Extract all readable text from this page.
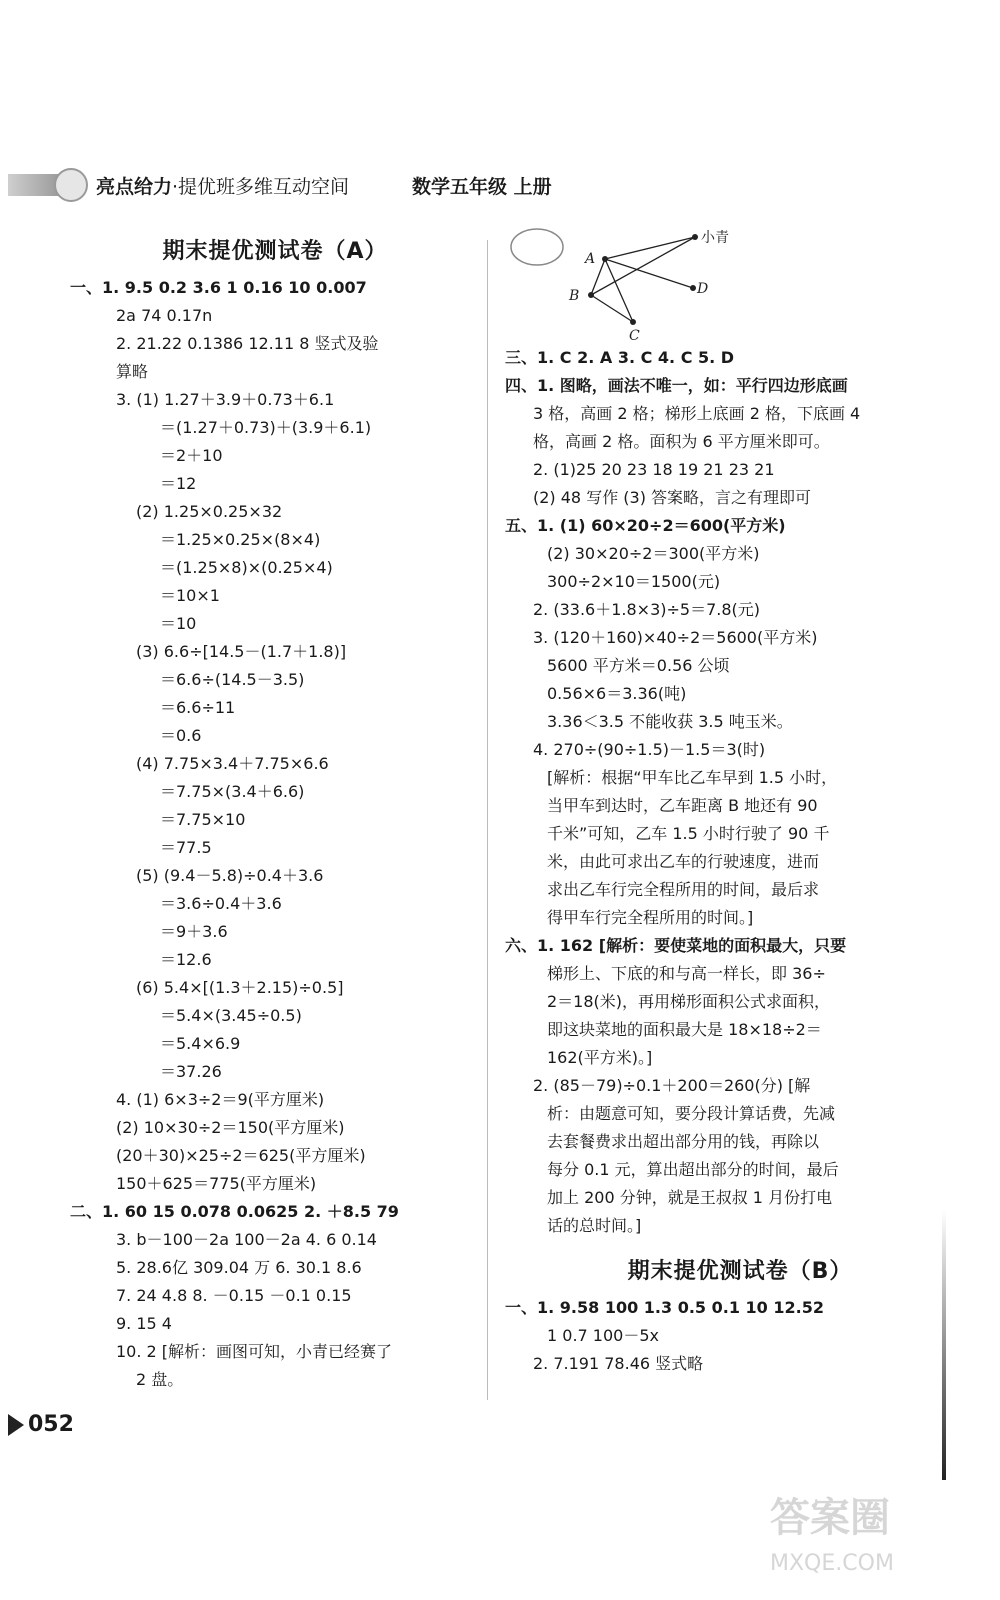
亮点给力·提优班多维互动空间	数学五年级 上册
期末提优测试卷（A）
一、1. 9.5 0.2 3.6 1 0.16 10 0.007
2a 74 0.17n
2. 21.22 0.1386 12.11 8 竖式及验
算略
3. (1) 1.27＋3.9＋0.73＋6.1
＝(1.27＋0.73)＋(3.9＋6.1)
＝2＋10
＝12
(2) 1.25×0.25×32
＝1.25×0.25×(8×4)
＝(1.25×8)×(0.25×4)
＝10×1
＝10
(3) 6.6÷[14.5－(1.7＋1.8)]
＝6.6÷(14.5－3.5)
＝6.6÷11
＝0.6
(4) 7.75×3.4＋7.75×6.6
＝7.75×(3.4＋6.6)
＝7.75×10
＝77.5
(5) (9.4－5.8)÷0.4＋3.6
＝3.6÷0.4＋3.6
＝9＋3.6
＝12.6
(6) 5.4×[(1.3＋2.15)÷0.5]
＝5.4×(3.45÷0.5)
＝5.4×6.9
＝37.26
4. (1) 6×3÷2＝9(平方厘米)
(2) 10×30÷2＝150(平方厘米)
(20＋30)×25÷2＝625(平方厘米)
150＋625＝775(平方厘米)
二、1. 60 15 0.078 0.0625 2. ＋8.5 79
3. b－100－2a 100－2a 4. 6 0.14
5. 28.6亿 309.04 万 6. 30.1 8.6
7. 24 4.8 8. －0.15 －0.1 0.15
9. 15 4
10. 2 [解析：画图可知，小青已经赛了
2 盘。
A
B
C
D
小青
三、1. C 2. A 3. C 4. C 5. D
四、1. 图略，画法不唯一，如：平行四边形底画
3 格，高画 2 格；梯形上底画 2 格，下底画 4
格，高画 2 格。面积为 6 平方厘米即可。
2. (1)25 20 23 18 19 21 23 21
(2) 48 写作 (3) 答案略，言之有理即可
五、1. (1) 60×20÷2＝600(平方米)
(2) 30×20÷2＝300(平方米)
300÷2×10＝1500(元)
2. (33.6＋1.8×3)÷5＝7.8(元)
3. (120＋160)×40÷2＝5600(平方米)
5600 平方米＝0.56 公顷
0.56×6＝3.36(吨)
3.36＜3.5 不能收获 3.5 吨玉米。
4. 270÷(90÷1.5)－1.5＝3(时)
[解析：根据“甲车比乙车早到 1.5 小时，
当甲车到达时，乙车距离 B 地还有 90
千米”可知，乙车 1.5 小时行驶了 90 千
米，由此可求出乙车的行驶速度，进而
求出乙车行完全程所用的时间，最后求
得甲车行完全程所用的时间。]
六、1. 162 [解析：要使菜地的面积最大，只要
梯形上、下底的和与高一样长，即 36÷
2＝18(米)，再用梯形面积公式求面积，
即这块菜地的面积最大是 18×18÷2＝
162(平方米)。]
2. (85－79)÷0.1＋200＝260(分) [解
析：由题意可知，要分段计算话费，先减
去套餐费求出超出部分用的钱，再除以
每分 0.1 元，算出超出部分的时间，最后
加上 200 分钟，就是王叔叔 1 月份打电
话的总时间。]
期末提优测试卷（B）
一、1. 9.58 100 1.3 0.5 0.1 10 12.52
1 0.7 100－5x
2. 7.191 78.46 竖式略
052
答案圈
MXQE.COM
